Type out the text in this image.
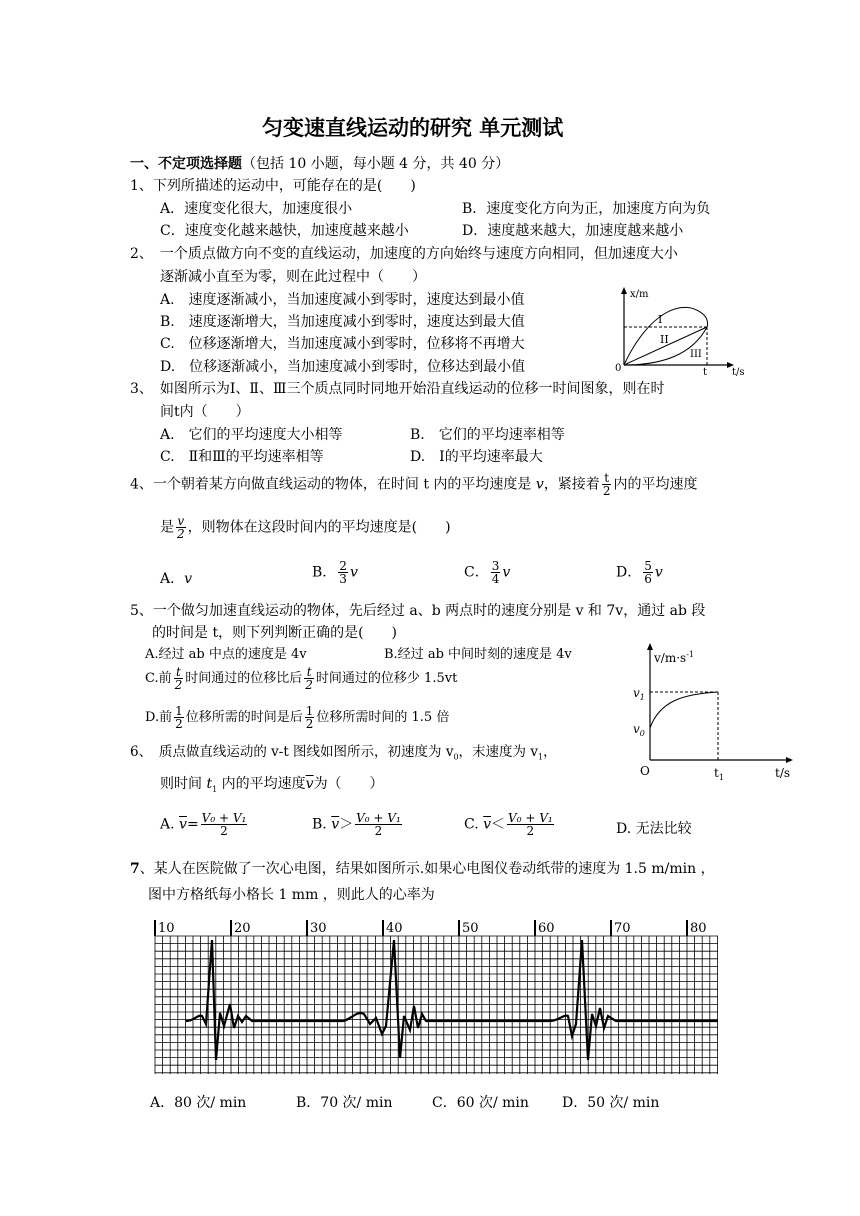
匀变速直线运动的研究 单元测试
一、不定项选择题（包括 10 小题，每小题 4 分，共 40 分）
1、下列所描述的运动中，可能存在的是(　　)
A．速度变化很大，加速度很小	B．速度变化方向为正，加速度方向为负
C．速度变化越来越快，加速度越来越小	D．速度越来越大，加速度越来越小
2、　一个质点做方向不变的直线运动，加速度的方向始终与速度方向相同，但加速度大小
逐渐减小直至为零，则在此过程中（　　）
A.　速度逐渐减小，当加速度减小到零时，速度达到最小值
B.　速度逐渐增大，当加速度减小到零时，速度达到最大值
C.　位移逐渐增大，当加速度减小到零时，位移将不再增大
D.　位移逐渐减小，当加速度减小到零时，位移达到最小值
x/m
I
II
III
0	t t/s
3、　如图所示为Ⅰ、Ⅱ、Ⅲ三个质点同时同地开始沿直线运动的位移一时间图象，则在时
间t内（　　）
A.　它们的平均速度大小相等	B.　它们的平均速率相等
C.　Ⅱ和Ⅲ的平均速率相等	D.　Ⅰ的平均速率最大
4、一个朝着某方向做直线运动的物体，在时间 t 内的平均速度是 v，紧接着 $\frac{t}{2}$ 内的平均速度
是 $\frac{v}{2}$ ，则物体在这段时间内的平均速度是(　　)
A．v	B． $\frac{2}{3}$ v	C． $\frac{3}{4}$ v	D． $\frac{5}{6}$ v
5、一个做匀加速直线运动的物体，先后经过 a、b 两点时的速度分别是 v 和 7v，通过 ab 段
的时间是 t，则下列判断正确的是(　　)
A.经过 ab 中点的速度是 4v	B.经过 ab 中间时刻的速度是 4v
C.前 $\frac{t}{2}$ 时间通过的位移比后 $\frac{t}{2}$ 时间通过的位移少 1.5vt
D.前 $\frac{1}{2}$ 位移所需的时间是后 $\frac{1}{2}$ 位移所需时间的 1.5 倍
$v/m\cdot s^{-1}$
$v_1$
$v_0$
O	$t_1$	t/s
6、　质点做直线运动的 v-t 图线如图所示，初速度为 $v_0$，末速度为 $v_1$，
则时间 $t_1$ 内的平均速度$\overline{v}$为（　　）
A. $\overline{v}= \frac{\text{V₀ + V₁}}{2}$	B. $\overline{v}> \frac{\text{V₀ + V₁}}{2}$	C. $\overline{v}< \frac{\text{V₀ + V₁}}{2}$	D. 无法比较
7、某人在医院做了一次心电图，结果如图所示.如果心电图仪卷动纸带的速度为 1.5 m/min ，
图中方格纸每小格长 1 mm ，则此人的心率为
10	20	30	40	50	60	70	80
A．80 次/ min	B．70 次/ min	C．60 次/ min D．50 次/ min
